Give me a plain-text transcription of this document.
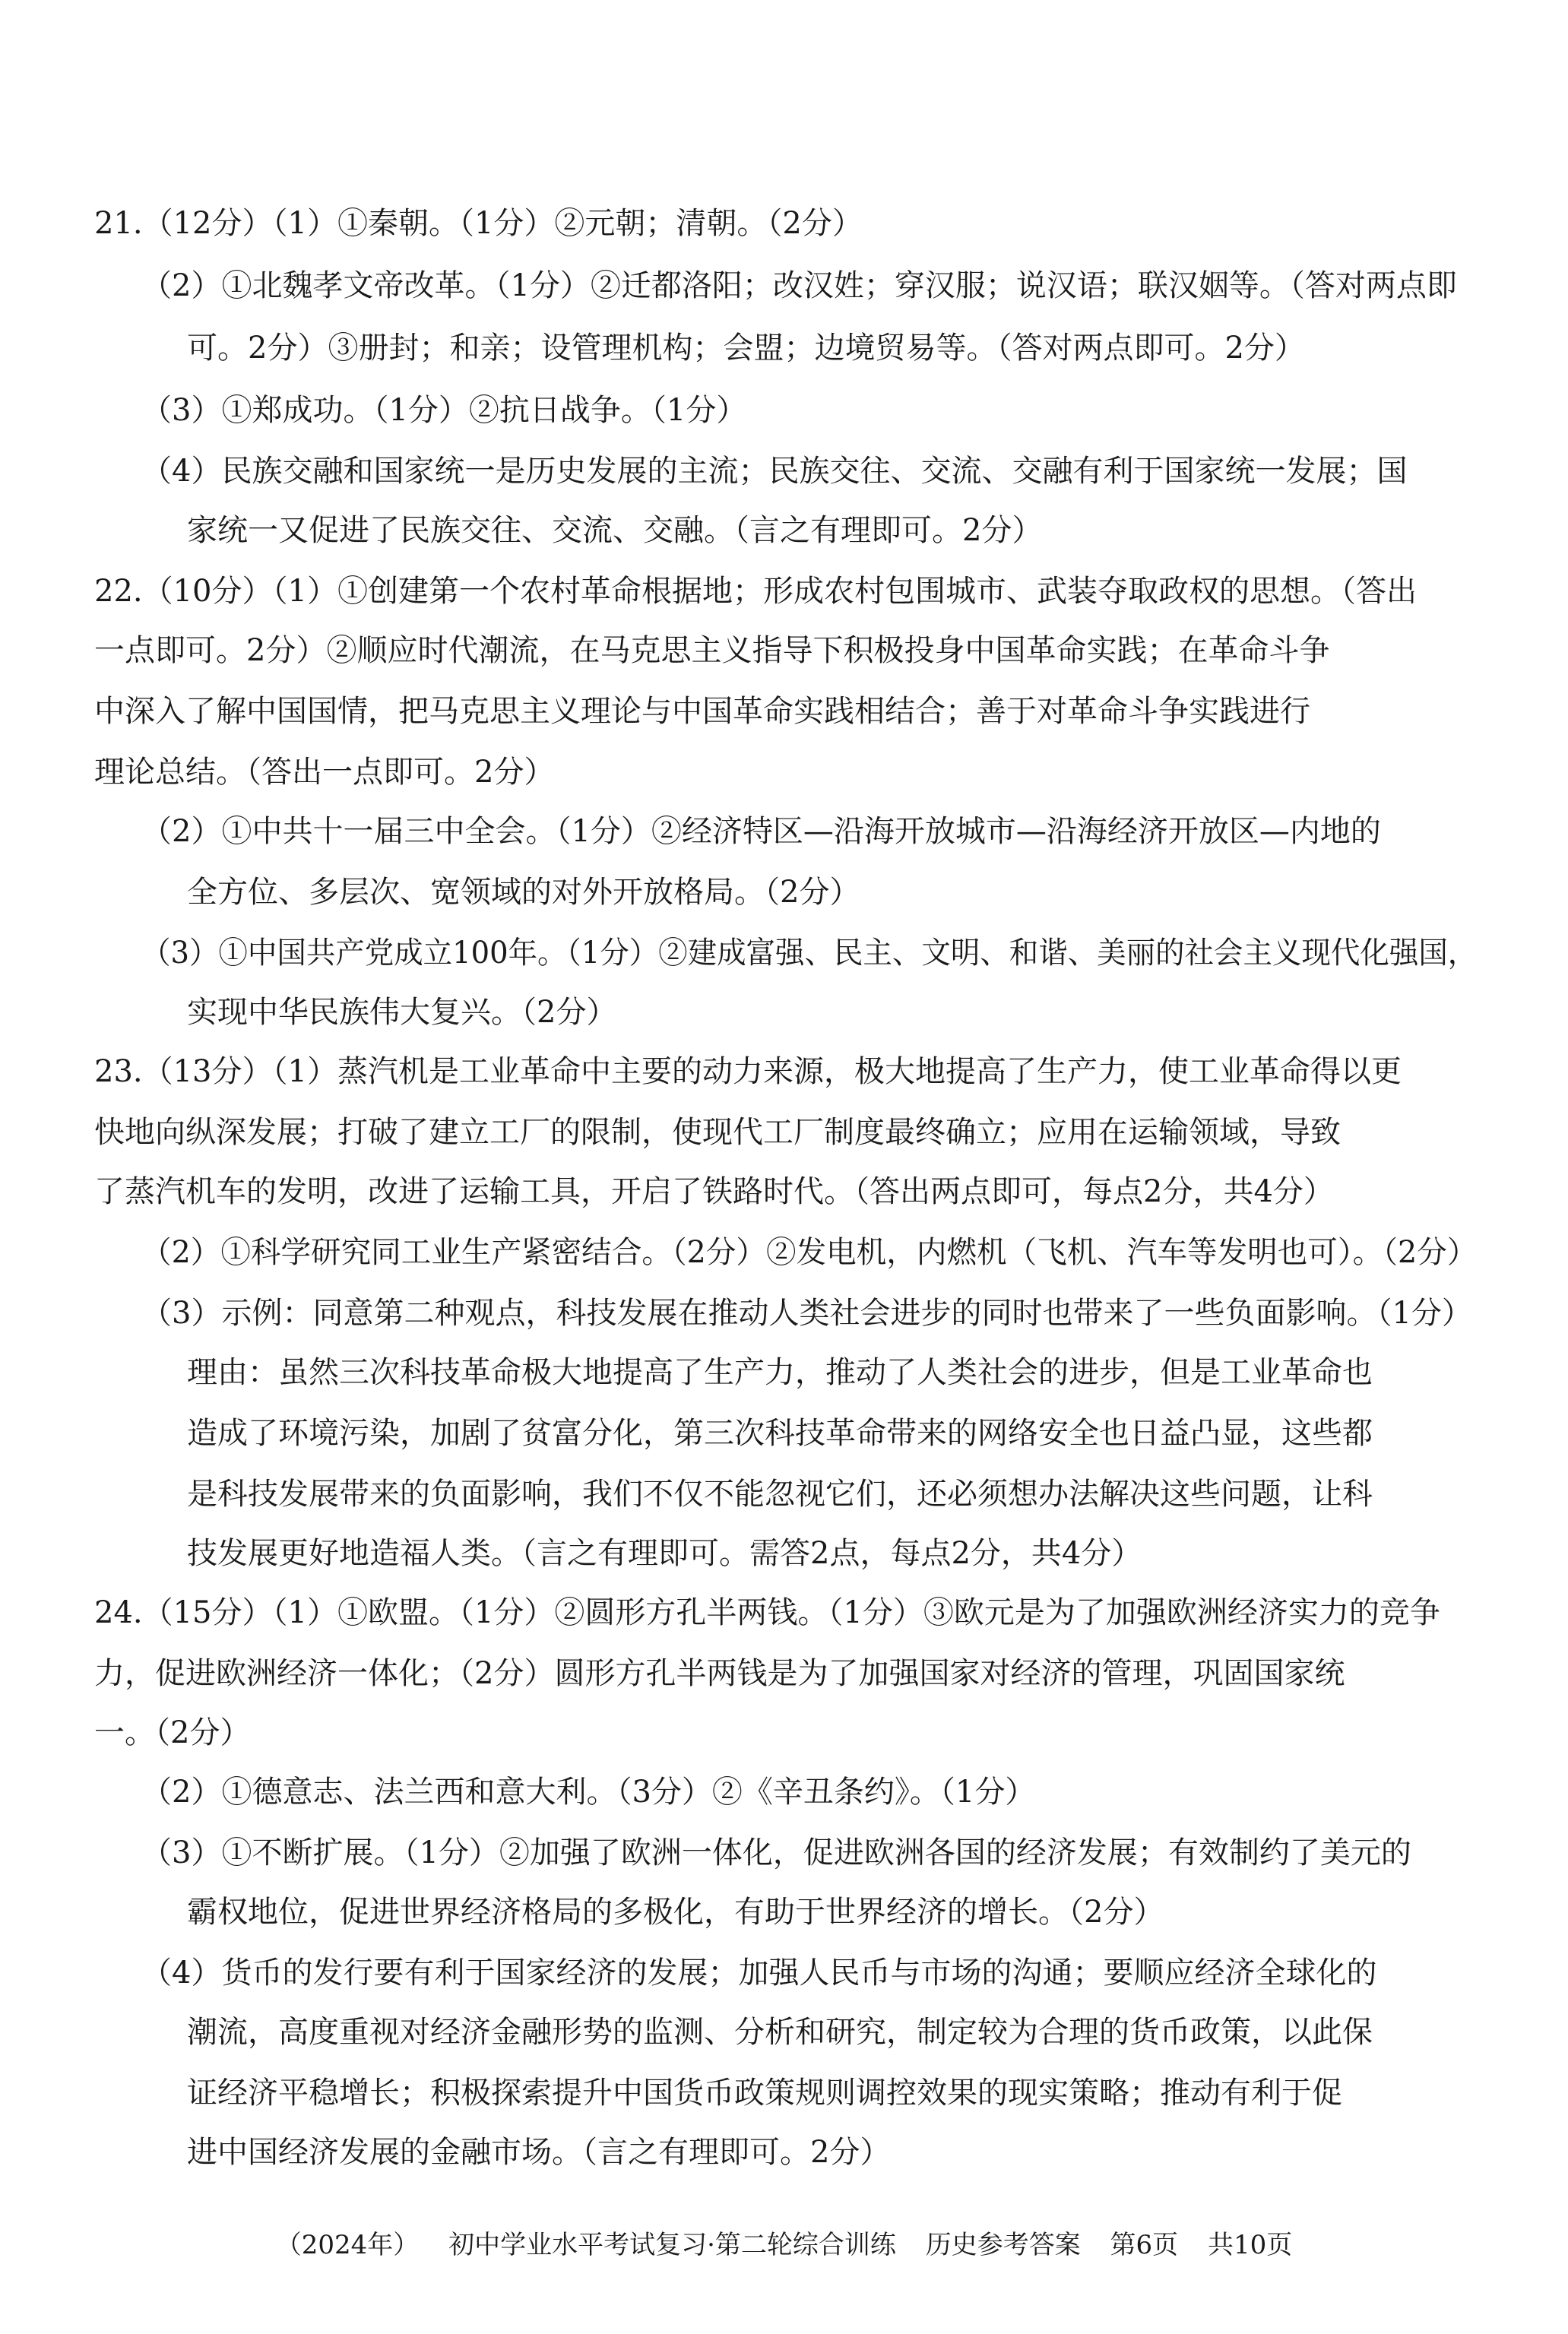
21.（12分）（1）①秦朝。（1分）②元朝；清朝。（2分）
（2）①北魏孝文帝改革。（1分）②迁都洛阳；改汉姓；穿汉服；说汉语；联汉姻等。（答对两点即
可。2分）③册封；和亲；设管理机构；会盟；边境贸易等。（答对两点即可。2分）
（3）①郑成功。（1分）②抗日战争。（1分）
（4）民族交融和国家统一是历史发展的主流；民族交往、交流、交融有利于国家统一发展；国
家统一又促进了民族交往、交流、交融。（言之有理即可。2分）
22.（10分）（1）①创建第一个农村革命根据地；形成农村包围城市、武装夺取政权的思想。（答出
一点即可。2分）②顺应时代潮流，在马克思主义指导下积极投身中国革命实践；在革命斗争
中深入了解中国国情，把马克思主义理论与中国革命实践相结合；善于对革命斗争实践进行
理论总结。（答出一点即可。2分）
（2）①中共十一届三中全会。（1分）②经济特区—沿海开放城市—沿海经济开放区—内地的
全方位、多层次、宽领域的对外开放格局。（2分）
（3）①中国共产党成立100年。（1分）②建成富强、民主、文明、和谐、美丽的社会主义现代化强国，
实现中华民族伟大复兴。（2分）
23.（13分）（1）蒸汽机是工业革命中主要的动力来源，极大地提高了生产力，使工业革命得以更
快地向纵深发展；打破了建立工厂的限制，使现代工厂制度最终确立；应用在运输领域，导致
了蒸汽机车的发明，改进了运输工具，开启了铁路时代。（答出两点即可，每点2分，共4分）
（2）①科学研究同工业生产紧密结合。（2分）②发电机，内燃机（飞机、汽车等发明也可）。（2分）
（3）示例：同意第二种观点，科技发展在推动人类社会进步的同时也带来了一些负面影响。（1分）
理由：虽然三次科技革命极大地提高了生产力，推动了人类社会的进步，但是工业革命也
造成了环境污染，加剧了贫富分化，第三次科技革命带来的网络安全也日益凸显，这些都
是科技发展带来的负面影响，我们不仅不能忽视它们，还必须想办法解决这些问题，让科
技发展更好地造福人类。（言之有理即可。需答2点，每点2分，共4分）
24.（15分）（1）①欧盟。（1分）②圆形方孔半两钱。（1分）③欧元是为了加强欧洲经济实力的竞争
力，促进欧洲经济一体化；（2分）圆形方孔半两钱是为了加强国家对经济的管理，巩固国家统
一。（2分）
（2）①德意志、法兰西和意大利。（3分）②《辛丑条约》。（1分）
（3）①不断扩展。（1分）②加强了欧洲一体化，促进欧洲各国的经济发展；有效制约了美元的
霸权地位，促进世界经济格局的多极化，有助于世界经济的增长。（2分）
（4）货币的发行要有利于国家经济的发展；加强人民币与市场的沟通；要顺应经济全球化的
潮流，高度重视对经济金融形势的监测、分析和研究，制定较为合理的货币政策，以此保
证经济平稳增长；积极探索提升中国货币政策规则调控效果的现实策略；推动有利于促
进中国经济发展的金融市场。（言之有理即可。2分）
（2024年） 初中学业水平考试复习·第二轮综合训练 历史参考答案 第6页 共10页
